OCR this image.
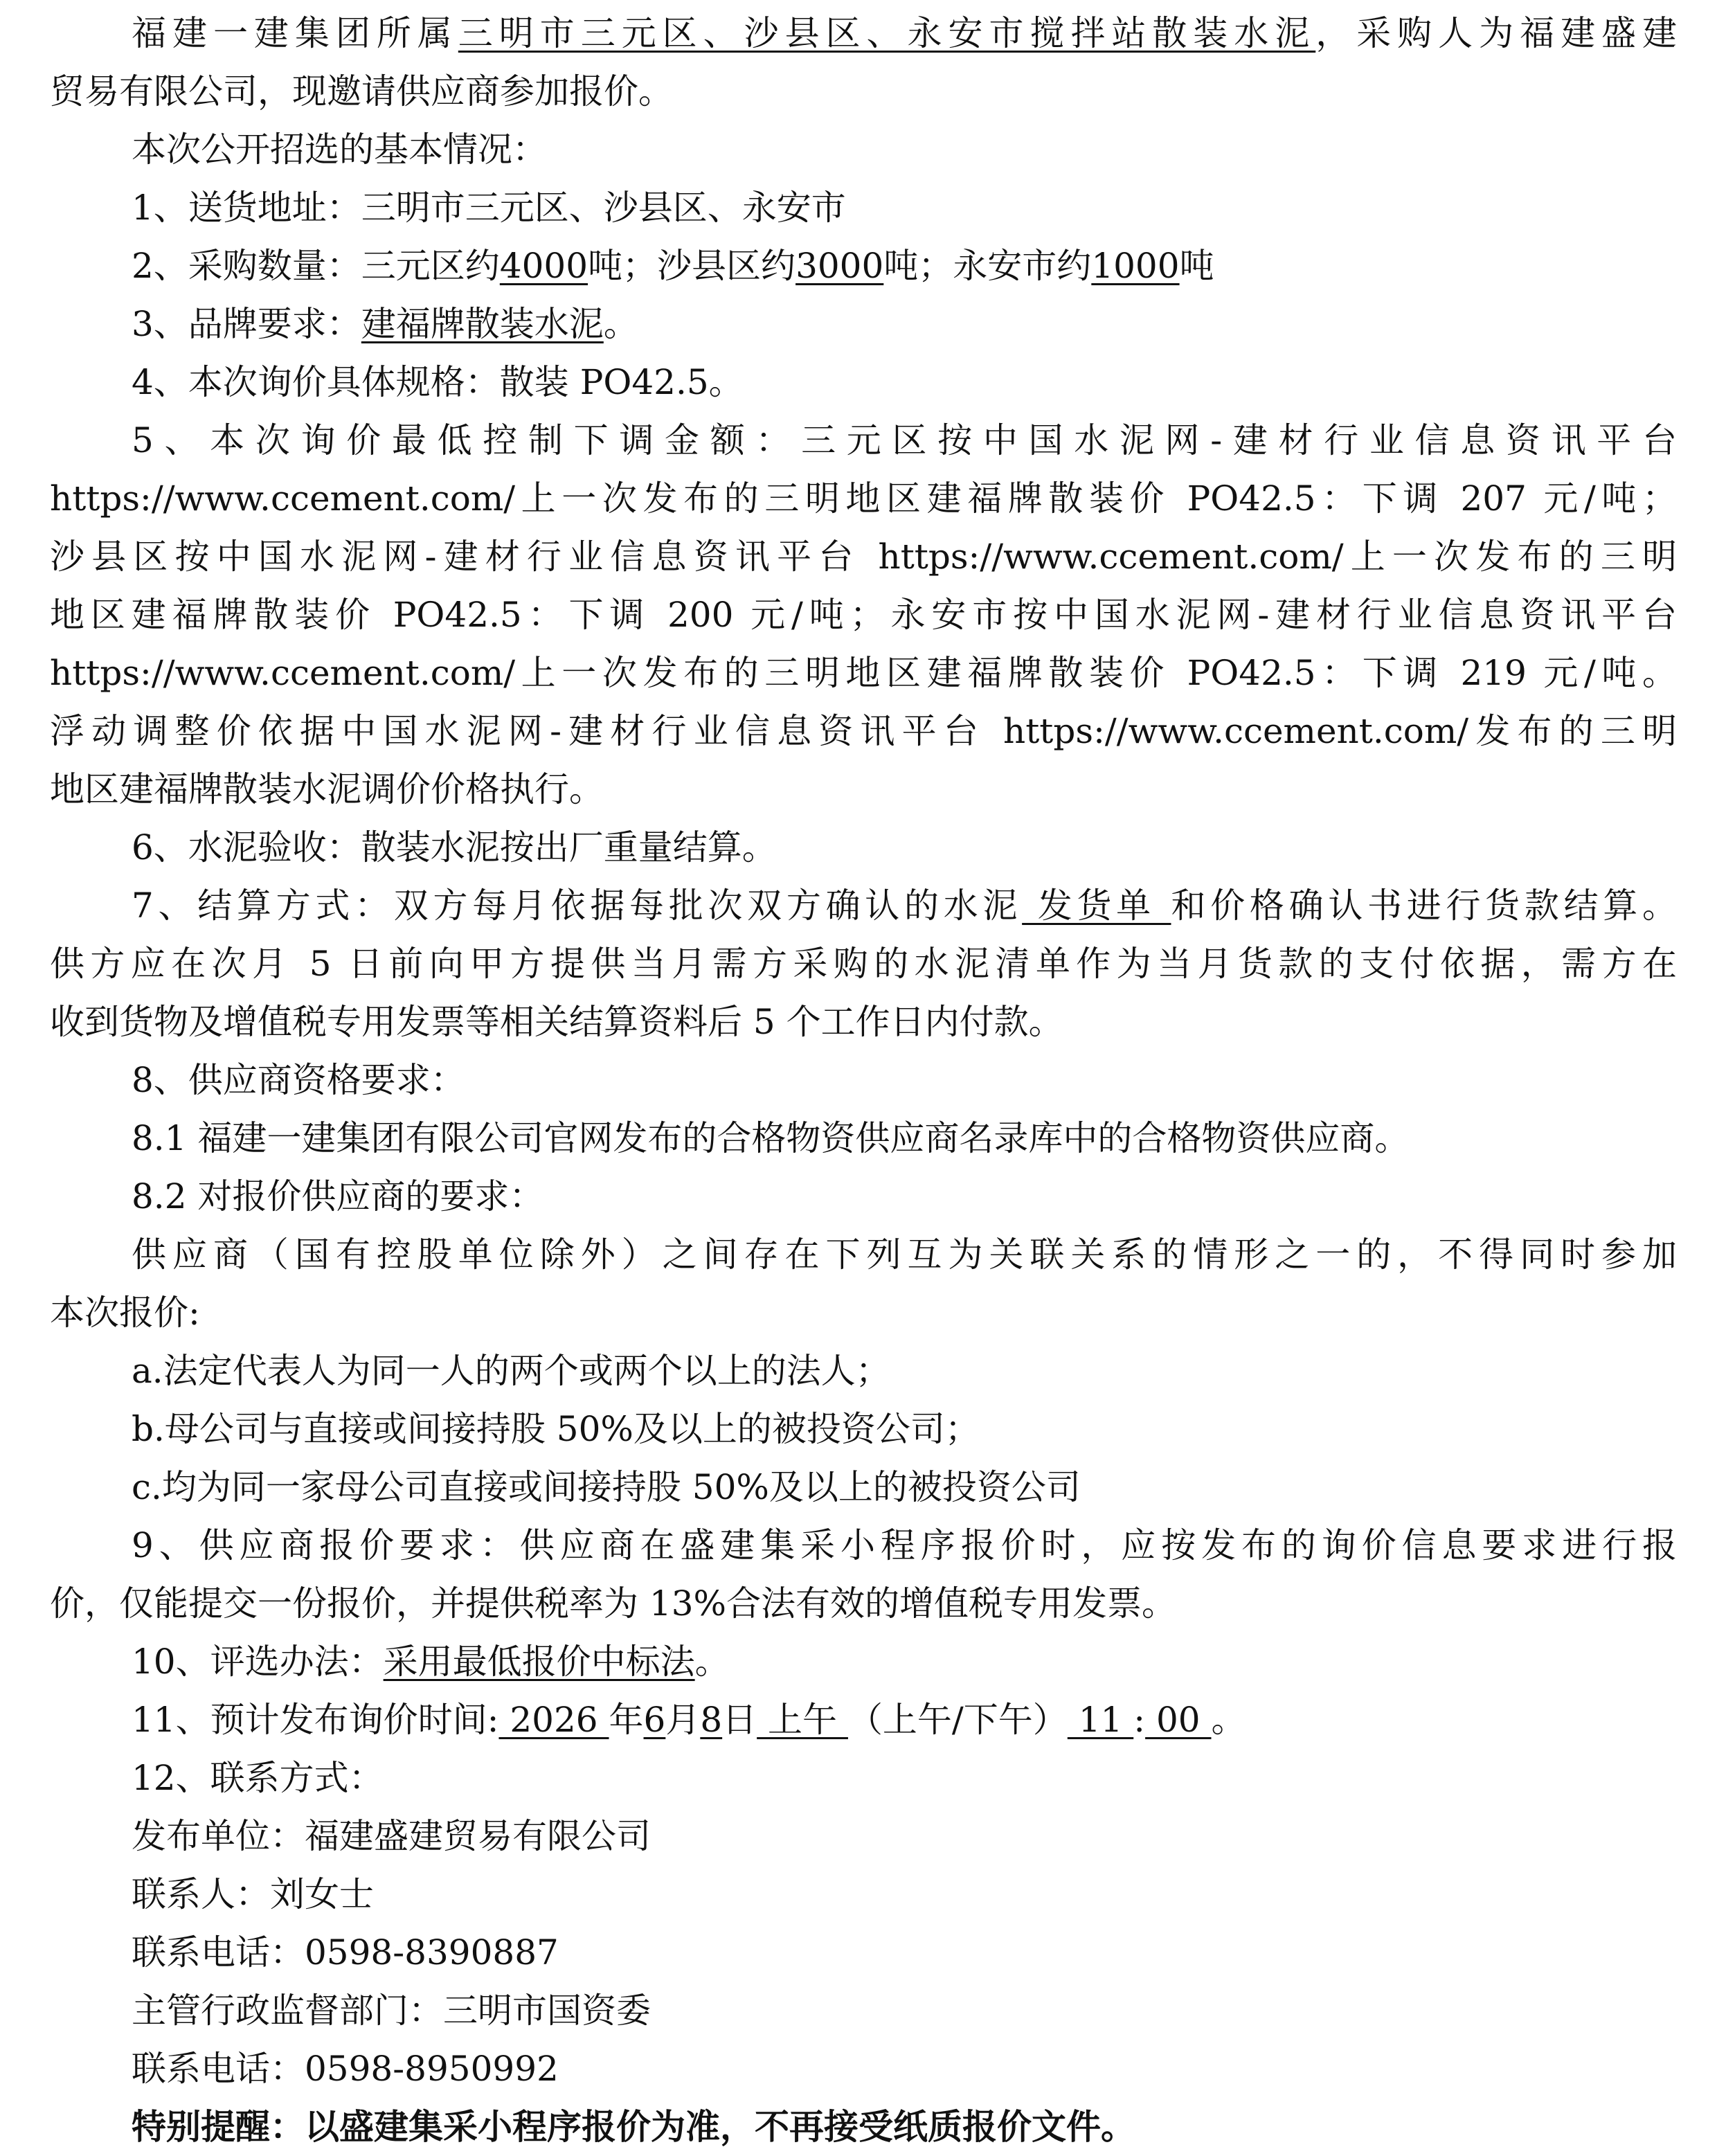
福建一建集团所属三明市三元区、沙县区、永安市搅拌站散装水泥，采购人为福建盛建
贸易有限公司，现邀请供应商参加报价。
本次公开招选的基本情况：
1、送货地址：三明市三元区、沙县区、永安市
2、采购数量：三元区约4000吨；沙县区约3000吨；永安市约1000吨
3、品牌要求：建福牌散装水泥。
4、本次询价具体规格：散装 PO42.5。
5、本次询价最低控制下调金额：三元区按中国水泥网-建材行业信息资讯平台
https://www.ccement.com/上一次发布的三明地区建福牌散装价 PO42.5：下调 207 元/吨；
沙县区按中国水泥网-建材行业信息资讯平台 https://www.ccement.com/上一次发布的三明
地区建福牌散装价 PO42.5：下调 200 元/吨；永安市按中国水泥网-建材行业信息资讯平台
https://www.ccement.com/上一次发布的三明地区建福牌散装价 PO42.5：下调 219 元/吨。
浮动调整价依据中国水泥网-建材行业信息资讯平台 https://www.ccement.com/发布的三明
地区建福牌散装水泥调价价格执行。
6、水泥验收：散装水泥按出厂重量结算。
7、结算方式：双方每月依据每批次双方确认的水泥 发货单 和价格确认书进行货款结算。
供方应在次月 5 日前向甲方提供当月需方采购的水泥清单作为当月货款的支付依据，需方在
收到货物及增值税专用发票等相关结算资料后 5 个工作日内付款。
8、供应商资格要求：
8.1 福建一建集团有限公司官网发布的合格物资供应商名录库中的合格物资供应商。
8.2 对报价供应商的要求：
供应商（国有控股单位除外）之间存在下列互为关联关系的情形之一的，不得同时参加
本次报价:
a.法定代表人为同一人的两个或两个以上的法人；
b.母公司与直接或间接持股 50%及以上的被投资公司；
c.均为同一家母公司直接或间接持股 50%及以上的被投资公司
9、供应商报价要求：供应商在盛建集采小程序报价时，应按发布的询价信息要求进行报
价，仅能提交一份报价，并提供税率为 13%合法有效的增值税专用发票。
10、评选办法：采用最低报价中标法。
11、预计发布询价时间: 2026 年6月8日 上午 （上午/下午） 11 : 00 。
12、联系方式：
发布单位：福建盛建贸易有限公司
联系人：刘女士
联系电话：0598-8390887
主管行政监督部门：三明市国资委
联系电话：0598-8950992
特别提醒：以盛建集采小程序报价为准，不再接受纸质报价文件。
